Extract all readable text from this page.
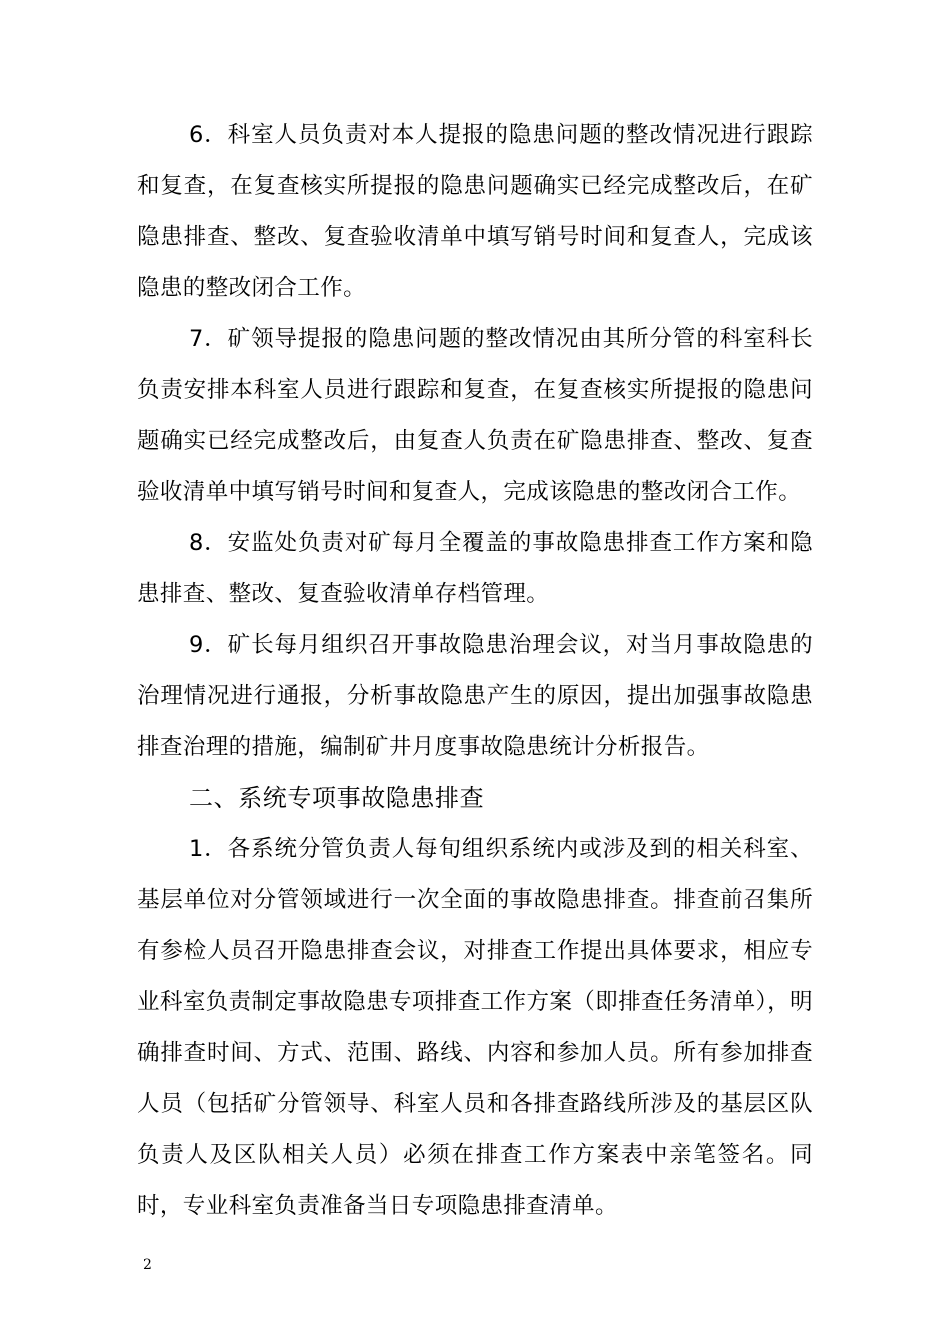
6．科室人员负责对本人提报的隐患问题的整改情况进行跟踪和复查，在复查核实所提报的隐患问题确实已经完成整改后，在矿隐患排查、整改、复查验收清单中填写销号时间和复查人，完成该隐患的整改闭合工作。

7．矿领导提报的隐患问题的整改情况由其所分管的科室科长负责安排本科室人员进行跟踪和复查，在复查核实所提报的隐患问题确实已经完成整改后，由复查人负责在矿隐患排查、整改、复查验收清单中填写销号时间和复查人，完成该隐患的整改闭合工作。

8．安监处负责对矿每月全覆盖的事故隐患排查工作方案和隐患排查、整改、复查验收清单存档管理。

9．矿长每月组织召开事故隐患治理会议，对当月事故隐患的治理情况进行通报，分析事故隐患产生的原因，提出加强事故隐患排查治理的措施，编制矿井月度事故隐患统计分析报告。

二、系统专项事故隐患排查

1．各系统分管负责人每旬组织系统内或涉及到的相关科室、基层单位对分管领域进行一次全面的事故隐患排查。排查前召集所有参检人员召开隐患排查会议，对排查工作提出具体要求，相应专业科室负责制定事故隐患专项排查工作方案（即排查任务清单），明确排查时间、方式、范围、路线、内容和参加人员。所有参加排查人员（包括矿分管领导、科室人员和各排查路线所涉及的基层区队负责人及区队相关人员）必须在排查工作方案表中亲笔签名。同时，专业科室负责准备当日专项隐患排查清单。

2
